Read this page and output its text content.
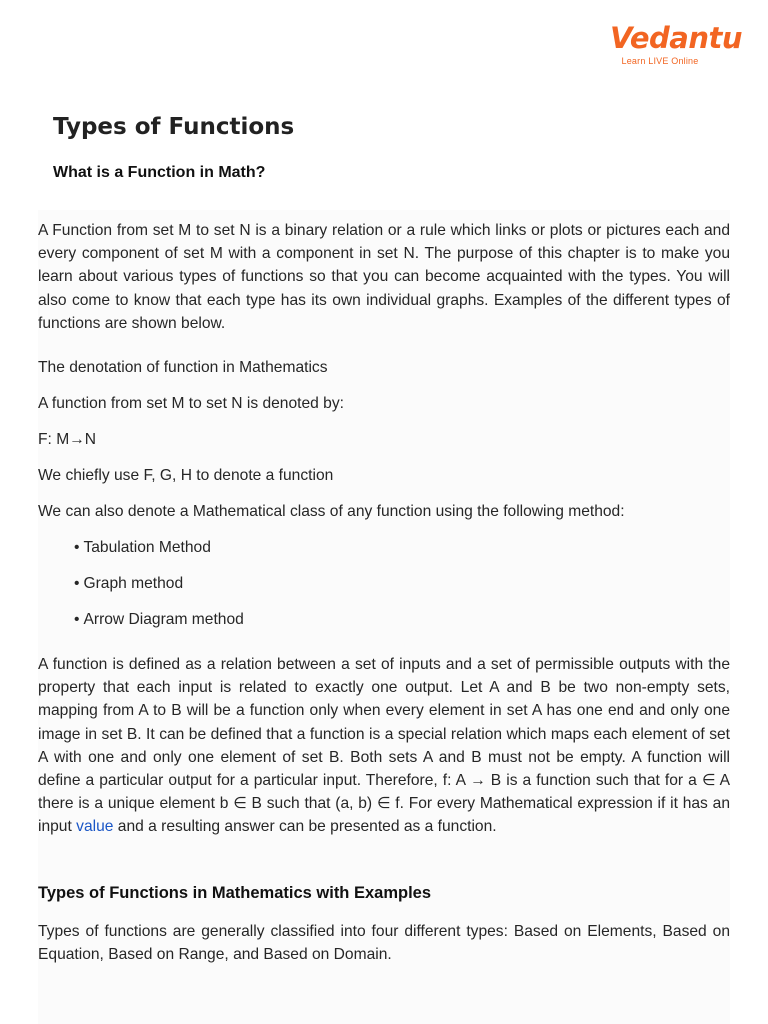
Vedantu
Learn LIVE Online
Types of Functions
What is a Function in Math?

A Function from set M to set N is a binary relation or a rule which links or plots or pictures each and every component of set M with a component in set N. The purpose of this chapter is to make you learn about various types of functions so that you can become acquainted with the types. You will also come to know that each type has its own individual graphs. Examples of the different types of functions are shown below.

The denotation of function in Mathematics

A function from set M to set N is denoted by:

F: M→N

We chiefly use F, G, H to denote a function

We can also denote a Mathematical class of any function using the following method:

• Tabulation Method
• Graph method
• Arrow Diagram method

A function is defined as a relation between a set of inputs and a set of permissible outputs with the property that each input is related to exactly one output. Let A and B be two non-empty sets, mapping from A to B will be a function only when every element in set A has one end and only one image in set B. It can be defined that a function is a special relation which maps each element of set A with one and only one element of set B. Both sets A and B must not be empty. A function will define a particular output for a particular input. Therefore, f: A → B is a function such that for a ∈ A there is a unique element b ∈ B such that (a, b) ∈ f. For every Mathematical expression if it has an input value and a resulting answer can be presented as a function.

Types of Functions in Mathematics with Examples

Types of functions are generally classified into four different types: Based on Elements, Based on Equation, Based on Range, and Based on Domain.
